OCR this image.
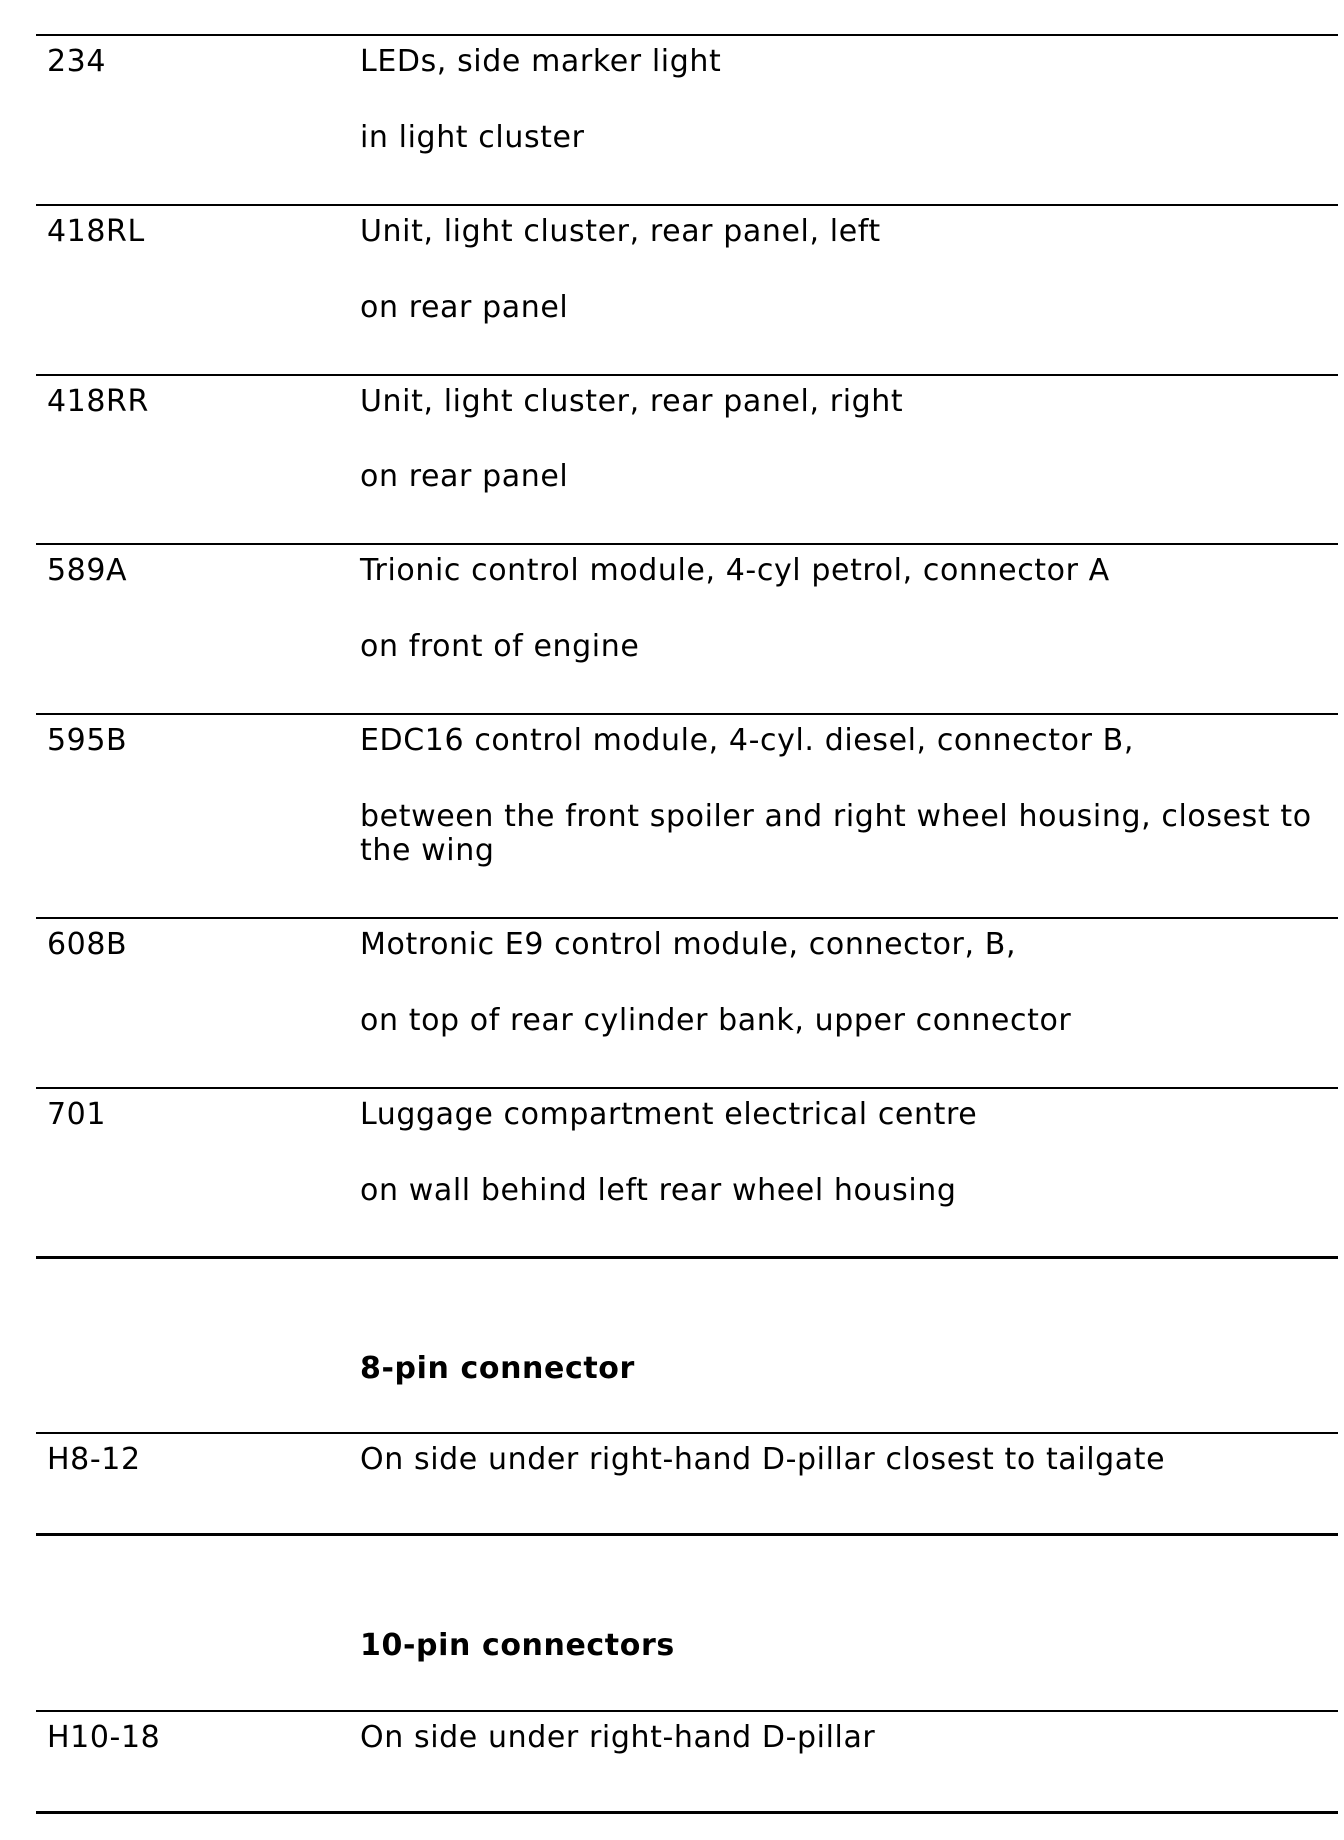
234	LEDs, side marker light
in light cluster
418RL	Unit, light cluster, rear panel, left
on rear panel
418RR	Unit, light cluster, rear panel, right
on rear panel
589A	Trionic control module, 4-cyl petrol, connector A
on front of engine
595B	EDC16 control module, 4-cyl. diesel, connector B,
between the front spoiler and right wheel housing, closest to the wing
608B	Motronic E9 control module, connector, B,
on top of rear cylinder bank, upper connector
701	Luggage compartment electrical centre
on wall behind left rear wheel housing
8-pin connector
H8-12	On side under right-hand D-pillar closest to tailgate
10-pin connectors
H10-18	On side under right-hand D-pillar
